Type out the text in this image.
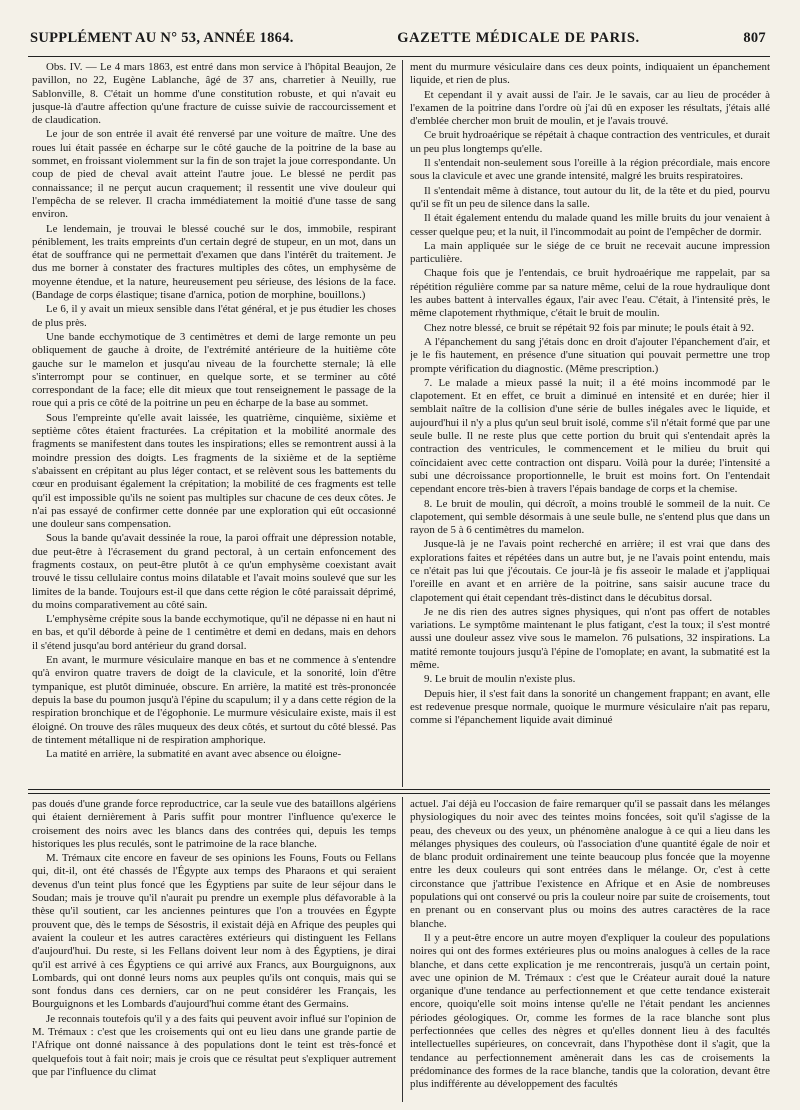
SUPPLÉMENT AU N° 53, ANNÉE 1864.	GAZETTE MÉDICALE DE PARIS.	807

Obs. IV. — Le 4 mars 1863, est entré dans mon service à l'hôpital Beaujon, 2e pavillon, no 22, Eugène Lablanche, âgé de 37 ans, charretier à Neuilly, rue Sablonville, 8. C'était un homme d'une constitution robuste, et qui n'avait eu jusque-là d'autre affection qu'une fracture de cuisse suivie de raccourcissement et de claudication.

Le jour de son entrée il avait été renversé par une voiture de maître. Une des roues lui était passée en écharpe sur le côté gauche de la poitrine de la base au sommet, en froissant violemment sur la fin de son trajet la joue correspondante. Un coup de pied de cheval avait atteint l'autre joue. Le blessé ne perdit pas connaissance; il ne perçut aucun craquement; il ressentit une vive douleur qui l'empêcha de se relever. Il cracha immédiatement la moitié d'une tasse de sang environ.

Le lendemain, je trouvai le blessé couché sur le dos, immobile, respirant péniblement, les traits empreints d'un certain degré de stupeur, en un mot, dans un état de souffrance qui ne permettait d'examen que dans l'intérêt du traitement. Je dus me borner à constater des fractures multiples des côtes, un emphysème de moyenne étendue, et la nature, heureusement peu sérieuse, des lésions de la face. (Bandage de corps élastique; tisane d'arnica, potion de morphine, bouillons.)

Le 6, il y avait un mieux sensible dans l'état général, et je pus étudier les choses de plus près.

Une bande ecchymotique de 3 centimètres et demi de large remonte un peu obliquement de gauche à droite, de l'extrémité antérieure de la huitième côte gauche sur le mamelon et jusqu'au niveau de la fourchette sternale; là elle s'interrompt pour se continuer, en quelque sorte, et se terminer au côté correspondant de la face; elle dit mieux que tout renseignement le passage de la roue qui a pris ce côté de la poitrine un peu en écharpe de la base au sommet.

Sous l'empreinte qu'elle avait laissée, les quatrième, cinquième, sixième et septième côtes étaient fracturées. La crépitation et la mobilité anormale des fragments se manifestent dans toutes les inspirations; elles se remontrent aussi à la moindre pression des doigts. Les fragments de la sixième et de la septième s'abaissent en crépitant au plus léger contact, et se relèvent sous les battements du cœur en produisant également la crépitation; la mobilité de ces fragments est telle qu'il est impossible qu'ils ne soient pas multiples sur chacune de ces deux côtes. Je n'ai pas essayé de confirmer cette donnée par une exploration qui eût occasionné une douleur sans compensation.

Sous la bande qu'avait dessinée la roue, la paroi offrait une dépression notable, due peut-être à l'écrasement du grand pectoral, à un certain enfoncement des fragments costaux, on peut-être plutôt à ce qu'un emphysème coexistant avait trouvé le tissu cellulaire contus moins dilatable et l'avait moins soulevé que sur les limites de la bande. Toujours est-il que dans cette région le côté paraissait déprimé, du moins comparativement au côté sain.

L'emphysème crépite sous la bande ecchymotique, qu'il ne dépasse ni en haut ni en bas, et qu'il déborde à peine de 1 centimètre et demi en dedans, mais en dehors il s'étend jusqu'au bord antérieur du grand dorsal.

En avant, le murmure vésiculaire manque en bas et ne commence à s'entendre qu'à environ quatre travers de doigt de la clavicule, et la sonorité, loin d'être tympanique, est plutôt diminuée, obscure. En arrière, la matité est très-prononcée depuis la base du poumon jusqu'à l'épine du scapulum; il y a dans cette région de la respiration bronchique et de l'égophonie. Le murmure vésiculaire existe, mais il est éloigné. On trouve des râles muqueux des deux côtés, et surtout du côté blessé. Pas de tintement métallique ni de respiration amphorique.

La matité en arrière, la submatité en avant avec absence ou éloigne-

ment du murmure vésiculaire dans ces deux points, indiquaient un épanchement liquide, et rien de plus.

Et cependant il y avait aussi de l'air. Je le savais, car au lieu de procéder à l'examen de la poitrine dans l'ordre où j'ai dû en exposer les résultats, j'étais allé d'emblée chercher mon bruit de moulin, et je l'avais trouvé.

Ce bruit hydroaérique se répétait à chaque contraction des ventricules, et durait un peu plus longtemps qu'elle.

Il s'entendait non-seulement sous l'oreille à la région précordiale, mais encore sous la clavicule et avec une grande intensité, malgré les bruits respiratoires.

Il s'entendait même à distance, tout autour du lit, de la tête et du pied, pourvu qu'il se fît un peu de silence dans la salle.

Il était également entendu du malade quand les mille bruits du jour venaient à cesser quelque peu; et la nuit, il l'incommodait au point de l'empêcher de dormir.

La main appliquée sur le siége de ce bruit ne recevait aucune impression particulière.

Chaque fois que je l'entendais, ce bruit hydroaérique me rappelait, par sa répétition régulière comme par sa nature même, celui de la roue hydraulique dont les aubes battent à intervalles égaux, l'air avec l'eau. C'était, à l'intensité près, le même clapotement rhythmique, c'était le bruit de moulin.

Chez notre blessé, ce bruit se répétait 92 fois par minute; le pouls était à 92.

A l'épanchement du sang j'étais donc en droit d'ajouter l'épanchement d'air, et je le fis hautement, en présence d'une situation qui pouvait permettre une trop prompte vérification du diagnostic. (Même prescription.)

7. Le malade a mieux passé la nuit; il a été moins incommodé par le clapotement. Et en effet, ce bruit a diminué en intensité et en durée; hier il semblait naître de la collision d'une série de bulles inégales avec le liquide, et aujourd'hui il n'y a plus qu'un seul bruit isolé, comme s'il n'était formé que par une seule bulle. Il ne reste plus que cette portion du bruit qui s'entendait après la contraction des ventricules, le commencement et le milieu du bruit qui coïncidaient avec cette contraction ont disparu. Voilà pour la durée; l'intensité a subi une décroissance proportionnelle, le bruit est moins fort. On l'entendait cependant encore très-bien à travers l'épais bandage de corps et la chemise.

8. Le bruit de moulin, qui décroît, a moins troublé le sommeil de la nuit. Ce clapotement, qui semble désormais à une seule bulle, ne s'entend plus que dans un rayon de 5 à 6 centimètres du mamelon.

Jusque-là je ne l'avais point recherché en arrière; il est vrai que dans des explorations faites et répétées dans un autre but, je ne l'avais point entendu, mais ce n'était pas lui que j'écoutais. Ce jour-là je fis asseoir le malade et j'appliquai l'oreille en avant et en arrière de la poitrine, sans saisir aucune trace du clapotement qui était cependant très-distinct dans le décubitus dorsal.

Je ne dis rien des autres signes physiques, qui n'ont pas offert de notables variations. Le symptôme maintenant le plus fatigant, c'est la toux; il s'est montré aussi une douleur assez vive sous le mamelon. 76 pulsations, 32 inspirations. La matité remonte toujours jusqu'à l'épine de l'omoplate; en avant, la submatité est la même.

9. Le bruit de moulin n'existe plus.

Depuis hier, il s'est fait dans la sonorité un changement frappant; en avant, elle est redevenue presque normale, quoique le murmure vésiculaire n'ait pas reparu, comme si l'épanchement liquide avait diminué

pas doués d'une grande force reproductrice, car la seule vue des bataillons algériens qui étaient dernièrement à Paris suffit pour montrer l'influence qu'exerce le croisement des noirs avec les blancs dans des contrées qui, depuis les temps historiques les plus reculés, sont le patrimoine de la race blanche.

M. Trémaux cite encore en faveur de ses opinions les Founs, Fouts ou Fellans qui, dit-il, ont été chassés de l'Égypte aux temps des Pharaons et qui seraient devenus d'un teint plus foncé que les Égyptiens par suite de leur séjour dans le Soudan; mais je trouve qu'il n'aurait pu prendre un exemple plus défavorable à la thèse qu'il soutient, car les anciennes peintures que l'on a trouvées en Égypte prouvent que, dès le temps de Sésostris, il existait déjà en Afrique des peuples qui avaient la couleur et les autres caractères extérieurs qui distinguent les Fellans d'aujourd'hui. Du reste, si les Fellans doivent leur nom à des Égyptiens, je dirai qu'il est arrivé à ces Égyptiens ce qui arrivé aux Francs, aux Bourguignons, aux Lombards, qui ont donné leurs noms aux peuples qu'ils ont conquis, mais qui se sont fondus dans ces derniers, car on ne peut considérer les Français, les Bourguignons et les Lombards d'aujourd'hui comme étant des Germains.

Je reconnais toutefois qu'il y a des faits qui peuvent avoir influé sur l'opinion de M. Trémaux : c'est que les croisements qui ont eu lieu dans une grande partie de l'Afrique ont donné naissance à des populations dont le teint est très-foncé et quelquefois tout à fait noir; mais je crois que ce résultat peut s'expliquer autrement que par l'influence du climat

actuel. J'ai déjà eu l'occasion de faire remarquer qu'il se passait dans les mélanges physiologiques du noir avec des teintes moins foncées, soit qu'il s'agisse de la peau, des cheveux ou des yeux, un phénomène analogue à ce qui a lieu dans les mélanges physiques des couleurs, où l'association d'une quantité égale de noir et de blanc produit ordinairement une teinte beaucoup plus foncée que la moyenne entre les deux couleurs qui sont entrées dans le mélange. Or, c'est à cette circonstance que j'attribue l'existence en Afrique et en Asie de nombreuses populations qui ont conservé ou pris la couleur noire par suite de croisements, tout en prenant ou en conservant plus ou moins des autres caractères de la race blanche.

Il y a peut-être encore un autre moyen d'expliquer la couleur des populations noires qui ont des formes extérieures plus ou moins analogues à celles de la race blanche, et dans cette explication je me rencontrerais, jusqu'à un certain point, avec une opinion de M. Trémaux : c'est que le Créateur aurait doué la nature organique d'une tendance au perfectionnement et que cette tendance existerait encore, quoiqu'elle soit moins intense qu'elle ne l'était pendant les anciennes périodes géologiques. Or, comme les formes de la race blanche sont plus perfectionnées que celles des nègres et qu'elles donnent lieu à des facultés intellectuelles supérieures, on concevrait, dans l'hypothèse dont il s'agit, que la tendance au perfectionnement amènerait dans les cas de croisements la prédominance des formes de la race blanche, tandis que la coloration, devant être plus indifférente au développement des facultés
